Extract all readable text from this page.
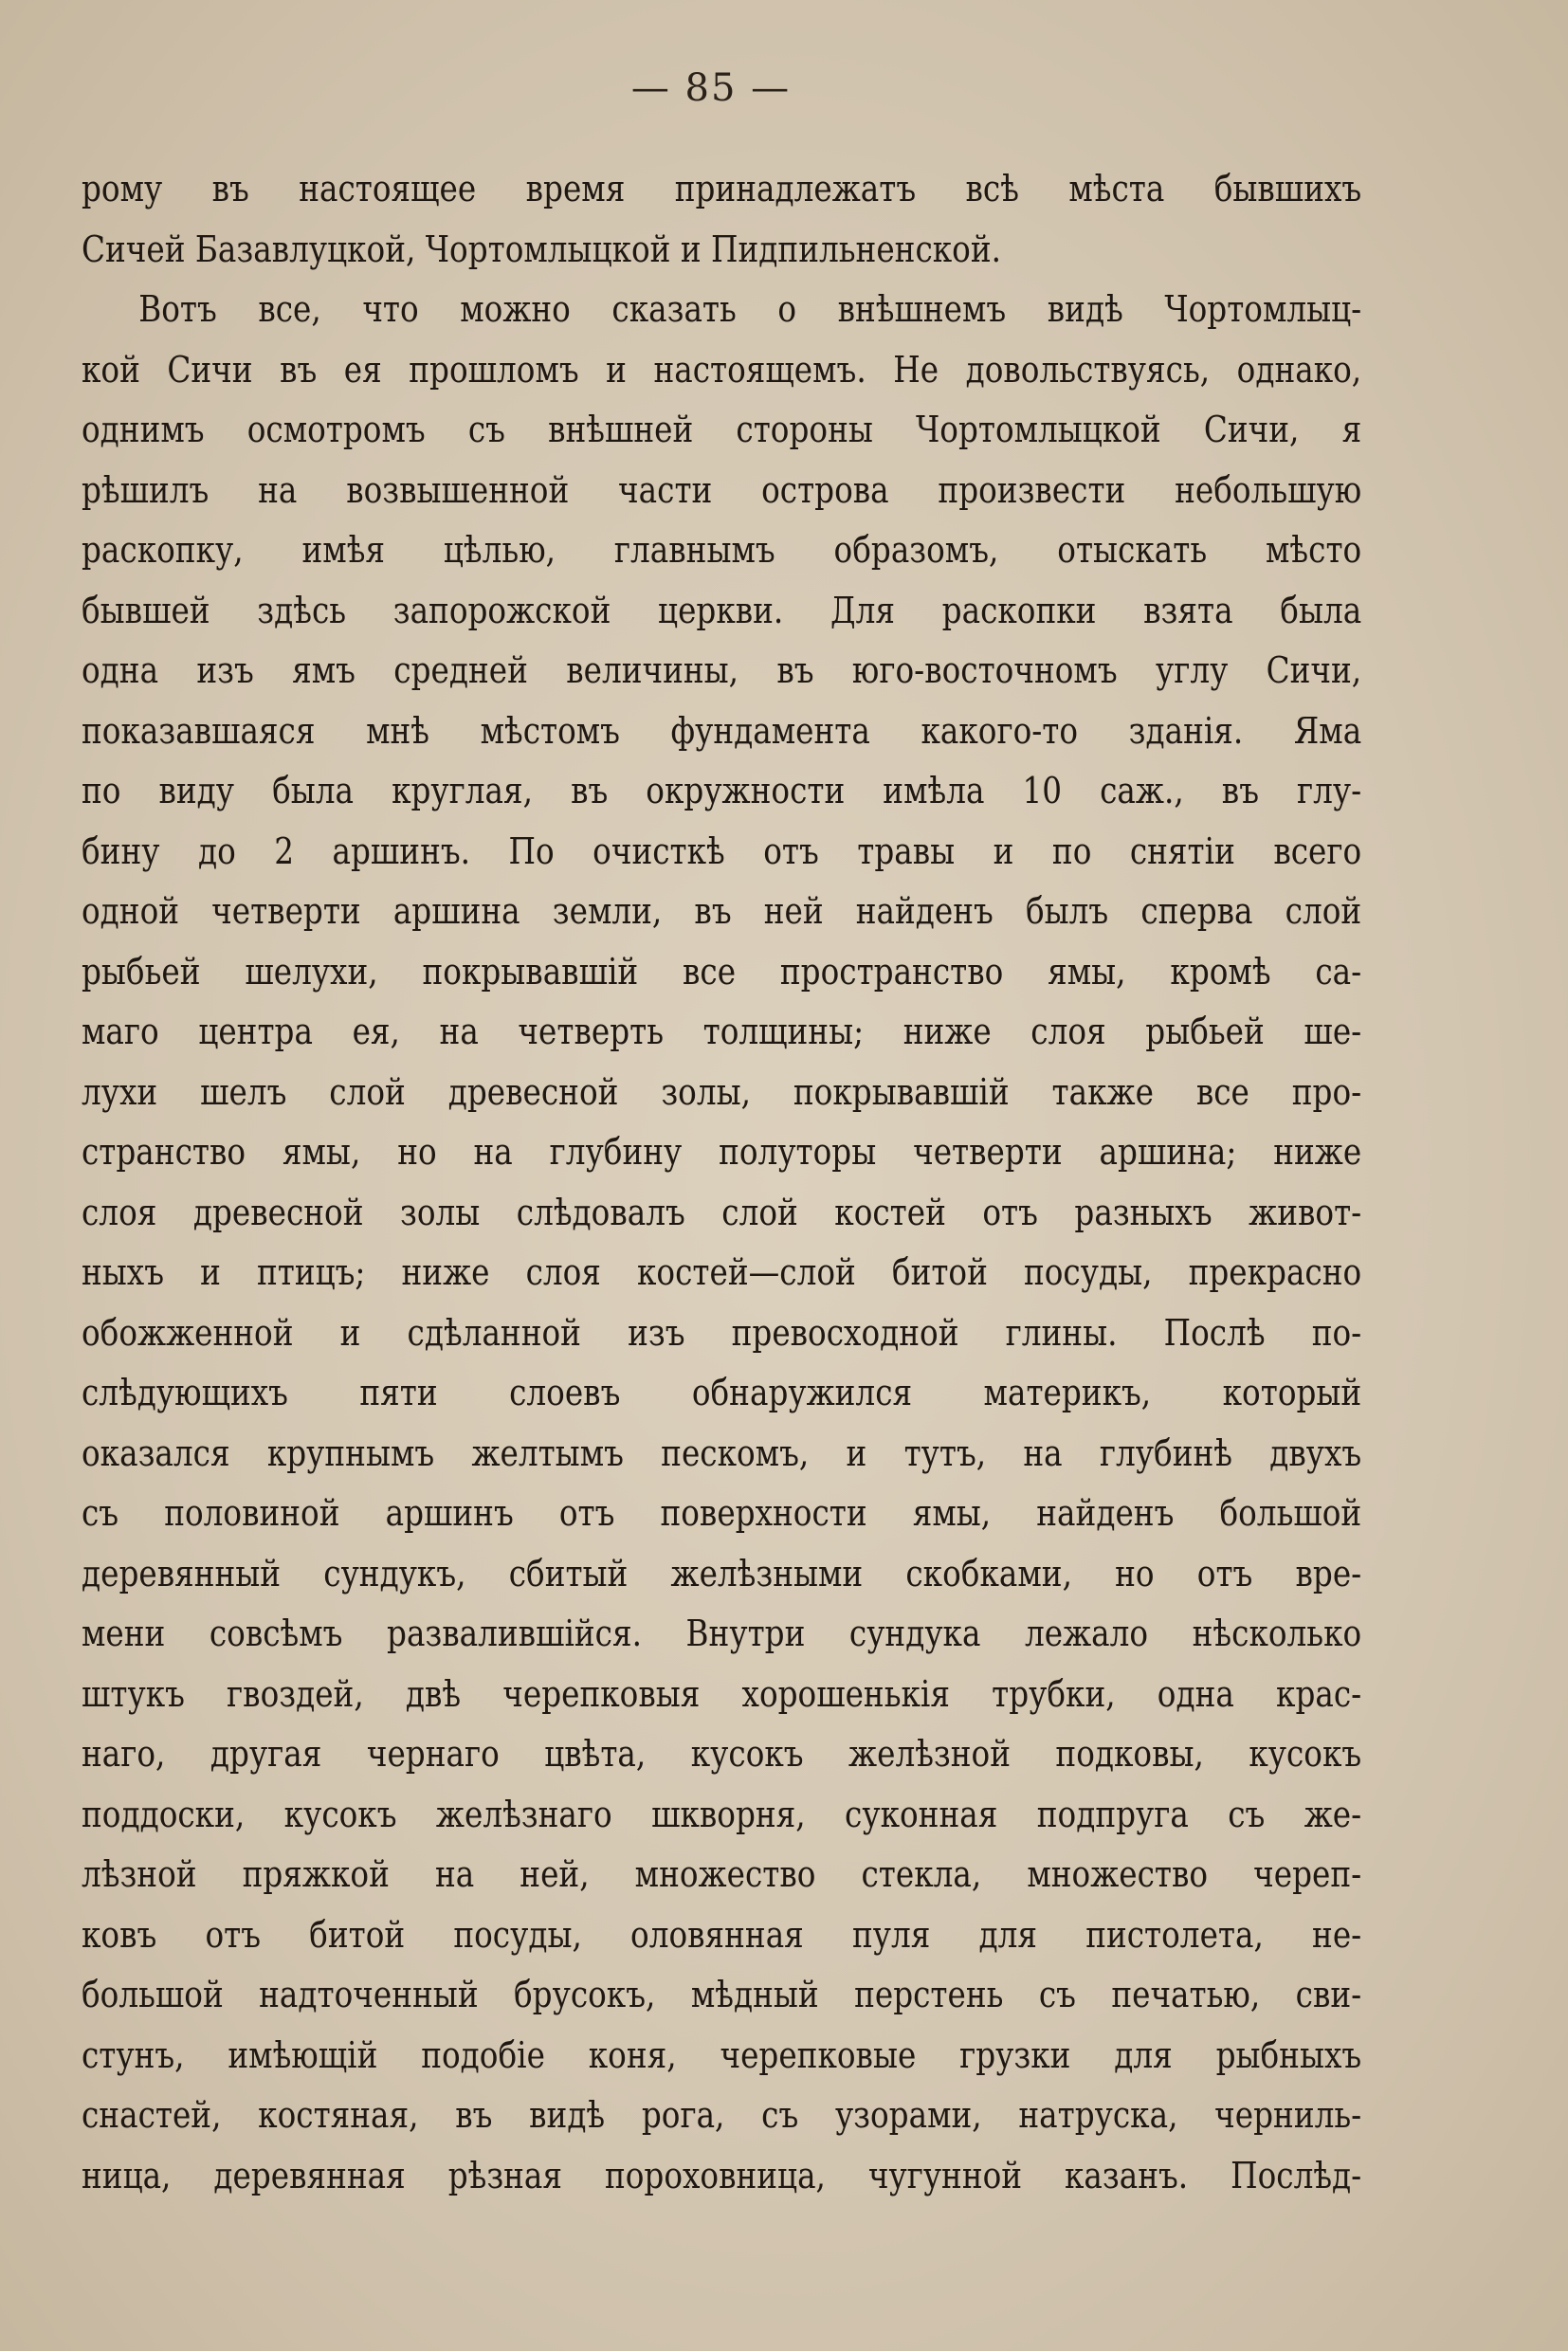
— 85 —
рому въ настоящее время принадлежатъ всѣ мѣста бывшихъ
Сичей Базавлуцкой, Чортомлыцкой и Пидпильненской.
Вотъ все, что можно сказать о внѣшнемъ видѣ Чортомлыц-
кой Сичи въ ея прошломъ и настоящемъ. Не довольствуясь, однако,
однимъ осмотромъ съ внѣшней стороны Чортомлыцкой Сичи, я
рѣшилъ на возвышенной части острова произвести небольшую
раскопку, имѣя цѣлью, главнымъ образомъ, отыскать мѣсто
бывшей здѣсь запорожской церкви. Для раскопки взята была
одна изъ ямъ средней величины, въ юго-восточномъ углу Сичи,
показавшаяся мнѣ мѣстомъ фундамента какого-то зданія. Яма
по виду была круглая, въ окружности имѣла 10 саж., въ глу-
бину до 2 аршинъ. По очисткѣ отъ травы и по снятіи всего
одной четверти аршина земли, въ ней найденъ былъ сперва слой
рыбьей шелухи, покрывавшій все пространство ямы, кромѣ са-
маго центра ея, на четверть толщины; ниже слоя рыбьей ше-
лухи шелъ слой древесной золы, покрывавшій также все про-
странство ямы, но на глубину полуторы четверти аршина; ниже
слоя древесной золы слѣдовалъ слой костей отъ разныхъ живот-
ныхъ и птицъ; ниже слоя костей—слой битой посуды, прекрасно
обожженной и сдѣланной изъ превосходной глины. Послѣ по-
слѣдующихъ пяти слоевъ обнаружился материкъ, который
оказался крупнымъ желтымъ пескомъ, и тутъ, на глубинѣ двухъ
съ половиной аршинъ отъ поверхности ямы, найденъ большой
деревянный сундукъ, сбитый желѣзными скобками, но отъ вре-
мени совсѣмъ развалившійся. Внутри сундука лежало нѣсколько
штукъ гвоздей, двѣ черепковыя хорошенькія трубки, одна крас-
наго, другая чернаго цвѣта, кусокъ желѣзной подковы, кусокъ
поддоски, кусокъ желѣзнаго шкворня, суконная подпруга съ же-
лѣзной пряжкой на ней, множество стекла, множество череп-
ковъ отъ битой посуды, оловянная пуля для пистолета, не-
большой надточенный брусокъ, мѣдный перстень съ печатью, сви-
стунъ, имѣющій подобіе коня, черепковые грузки для рыбныхъ
снастей, костяная, въ видѣ рога, съ узорами, натруска, черниль-
ница, деревянная рѣзная пороховница, чугунной казанъ. Послѣд-
